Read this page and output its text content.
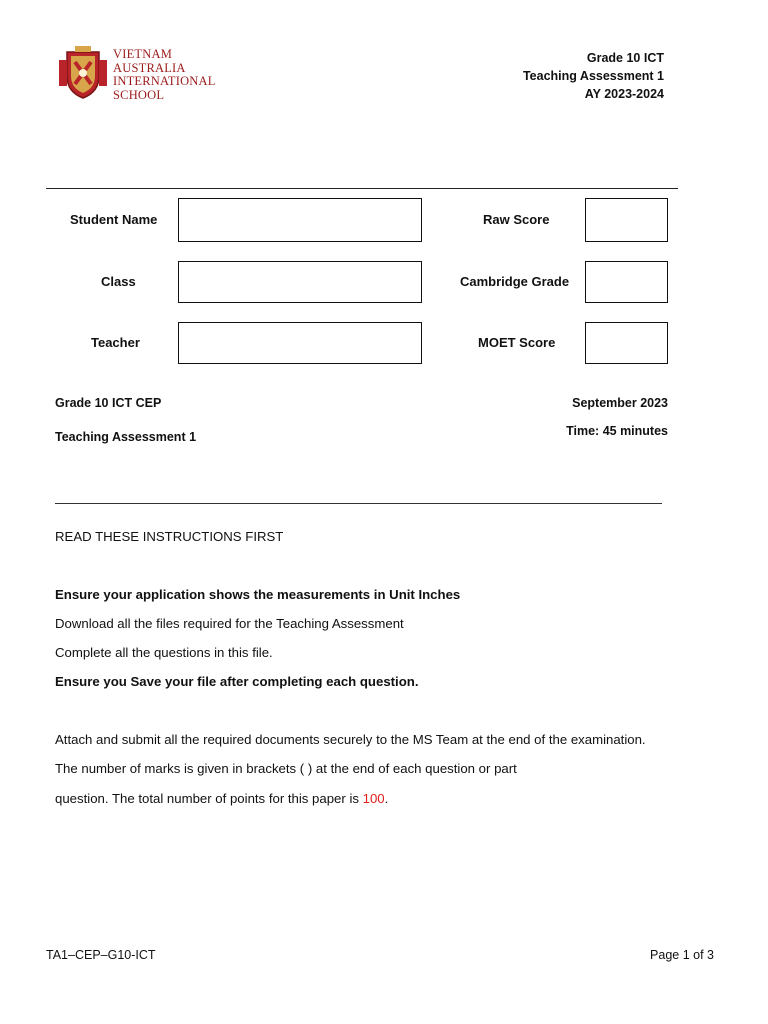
VIETNAM
AUSTRALIA
INTERNATIONAL
SCHOOL
Grade 10 ICT
Teaching Assessment 1
AY 2023-2024
Student Name	Raw Score
Class	Cambridge Grade
Teacher	MOET Score
Grade 10 ICT CEP
Teaching Assessment 1
September 2023
Time: 45 minutes
READ THESE INSTRUCTIONS FIRST
Ensure your application shows the measurements in Unit Inches
Download all the files required for the Teaching Assessment
Complete all the questions in this file.
Ensure you Save your file after completing each question.
Attach and submit all the required documents securely to the MS Team at the end of the examination.
The number of marks is given in brackets ( ) at the end of each question or part
question. The total number of points for this paper is 100.
TA1–CEP–G10-ICT	Page 1 of 3
